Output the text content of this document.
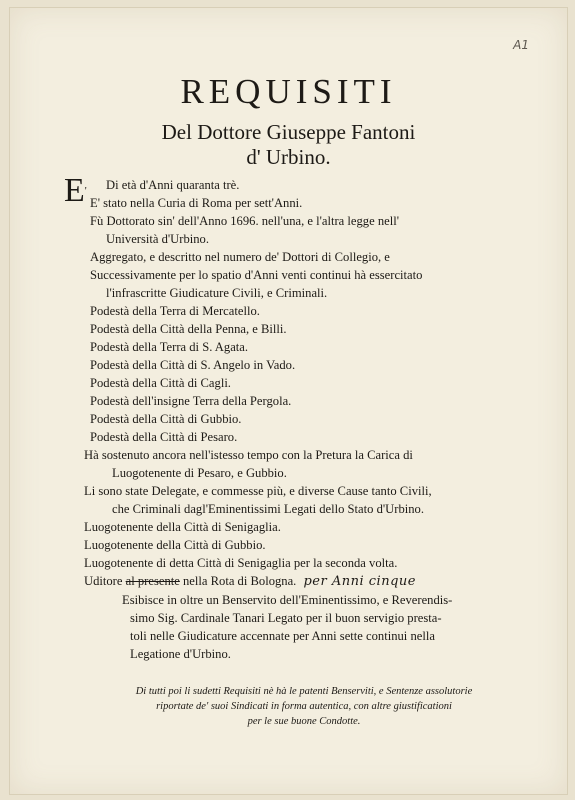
A1
REQUISITI
Del Dottore Giuseppe Fantoni
d' Urbino.
E'	Di età d'Anni quaranta trè.
E' stato nella Curia di Roma per sett'Anni.
Fù Dottorato sin' dell'Anno 1696. nell'una, e l'altra legge nell'
Università d'Urbino.
Aggregato, e descritto nel numero de' Dottori di Collegio, e
Successivamente per lo spatio d'Anni venti continui hà essercitato
l'infrascritte Giudicature Civili, e Criminali.
Podestà della Terra di Mercatello.
Podestà della Città della Penna, e Billi.
Podestà della Terra di S. Agata.
Podestà della Città di S. Angelo in Vado.
Podestà della Città di Cagli.
Podestà dell'insigne Terra della Pergola.
Podestà della Città di Gubbio.
Podestà della Città di Pesaro.
Hà sostenuto ancora nell'istesso tempo con la Pretura la Carica di
Luogotenente di Pesaro, e Gubbio.
Li sono state Delegate, e commesse più, e diverse Cause tanto Civili,
che Criminali dagl'Eminentissimi Legati dello Stato d'Urbino.
Luogotenente della Città di Senigaglia.
Luogotenente della Città di Gubbio.
Luogotenente di detta Città di Senigaglia per la seconda volta.
Uditore al presente nella Rota di Bologna. per Anni cinque
Esibisce in oltre un Benservito dell'Eminentissimo, e Reverendis-
simo Sig. Cardinale Tanari Legato per il buon servigio presta-
toli nelle Giudicature accennate per Anni sette continui nella
Legatione d'Urbino.
Di tutti poi li sudetti Requisiti nè hà le patenti Benserviti, e Sentenze assolutorie
riportate de' suoi Sindicati in forma autentica, con altre giustificationi
per le sue buone Condotte.
